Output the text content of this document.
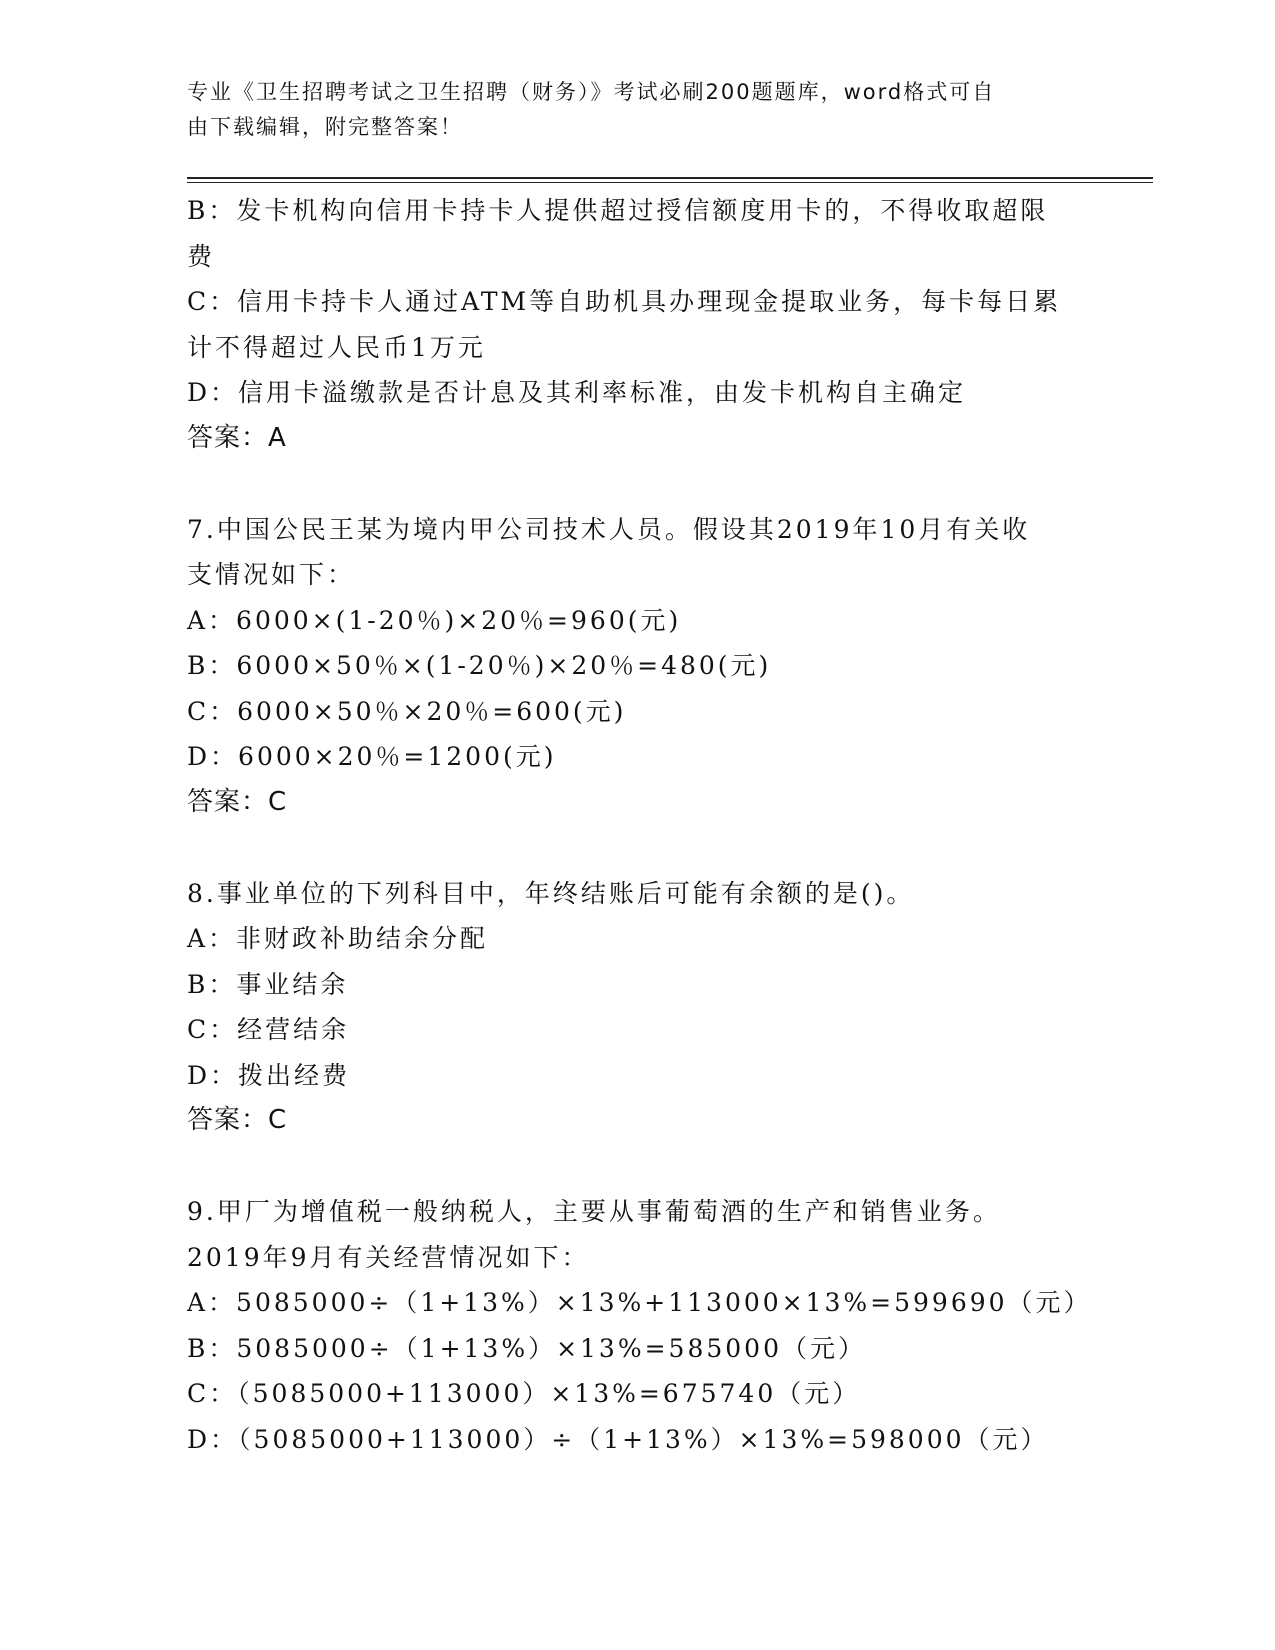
专业《卫生招聘考试之卫生招聘（财务）》考试必刷200题题库，word格式可自
由下载编辑，附完整答案！
B：发卡机构向信用卡持卡人提供超过授信额度用卡的，不得收取超限
费
C：信用卡持卡人通过ATM等自助机具办理现金提取业务，每卡每日累
计不得超过人民币1万元
D：信用卡溢缴款是否计息及其利率标准，由发卡机构自主确定
答案：A
7.中国公民王某为境内甲公司技术人员。假设其2019年10月有关收
支情况如下：
A：6000×(1-20％)×20％=960(元)
B：6000×50％×(1-20％)×20％=480(元)
C：6000×50％×20％=600(元)
D：6000×20％=1200(元)
答案：C
8.事业单位的下列科目中，年终结账后可能有余额的是()。
A：非财政补助结余分配
B：事业结余
C：经营结余
D：拨出经费
答案：C
9.甲厂为增值税一般纳税人，主要从事葡萄酒的生产和销售业务。
2019年9月有关经营情况如下：
A：5085000÷（1+13%）×13%+113000×13%=599690（元）
B：5085000÷（1+13%）×13%=585000（元）
C：（5085000+113000）×13%=675740（元）
D：（5085000+113000）÷（1+13%）×13%=598000（元）
